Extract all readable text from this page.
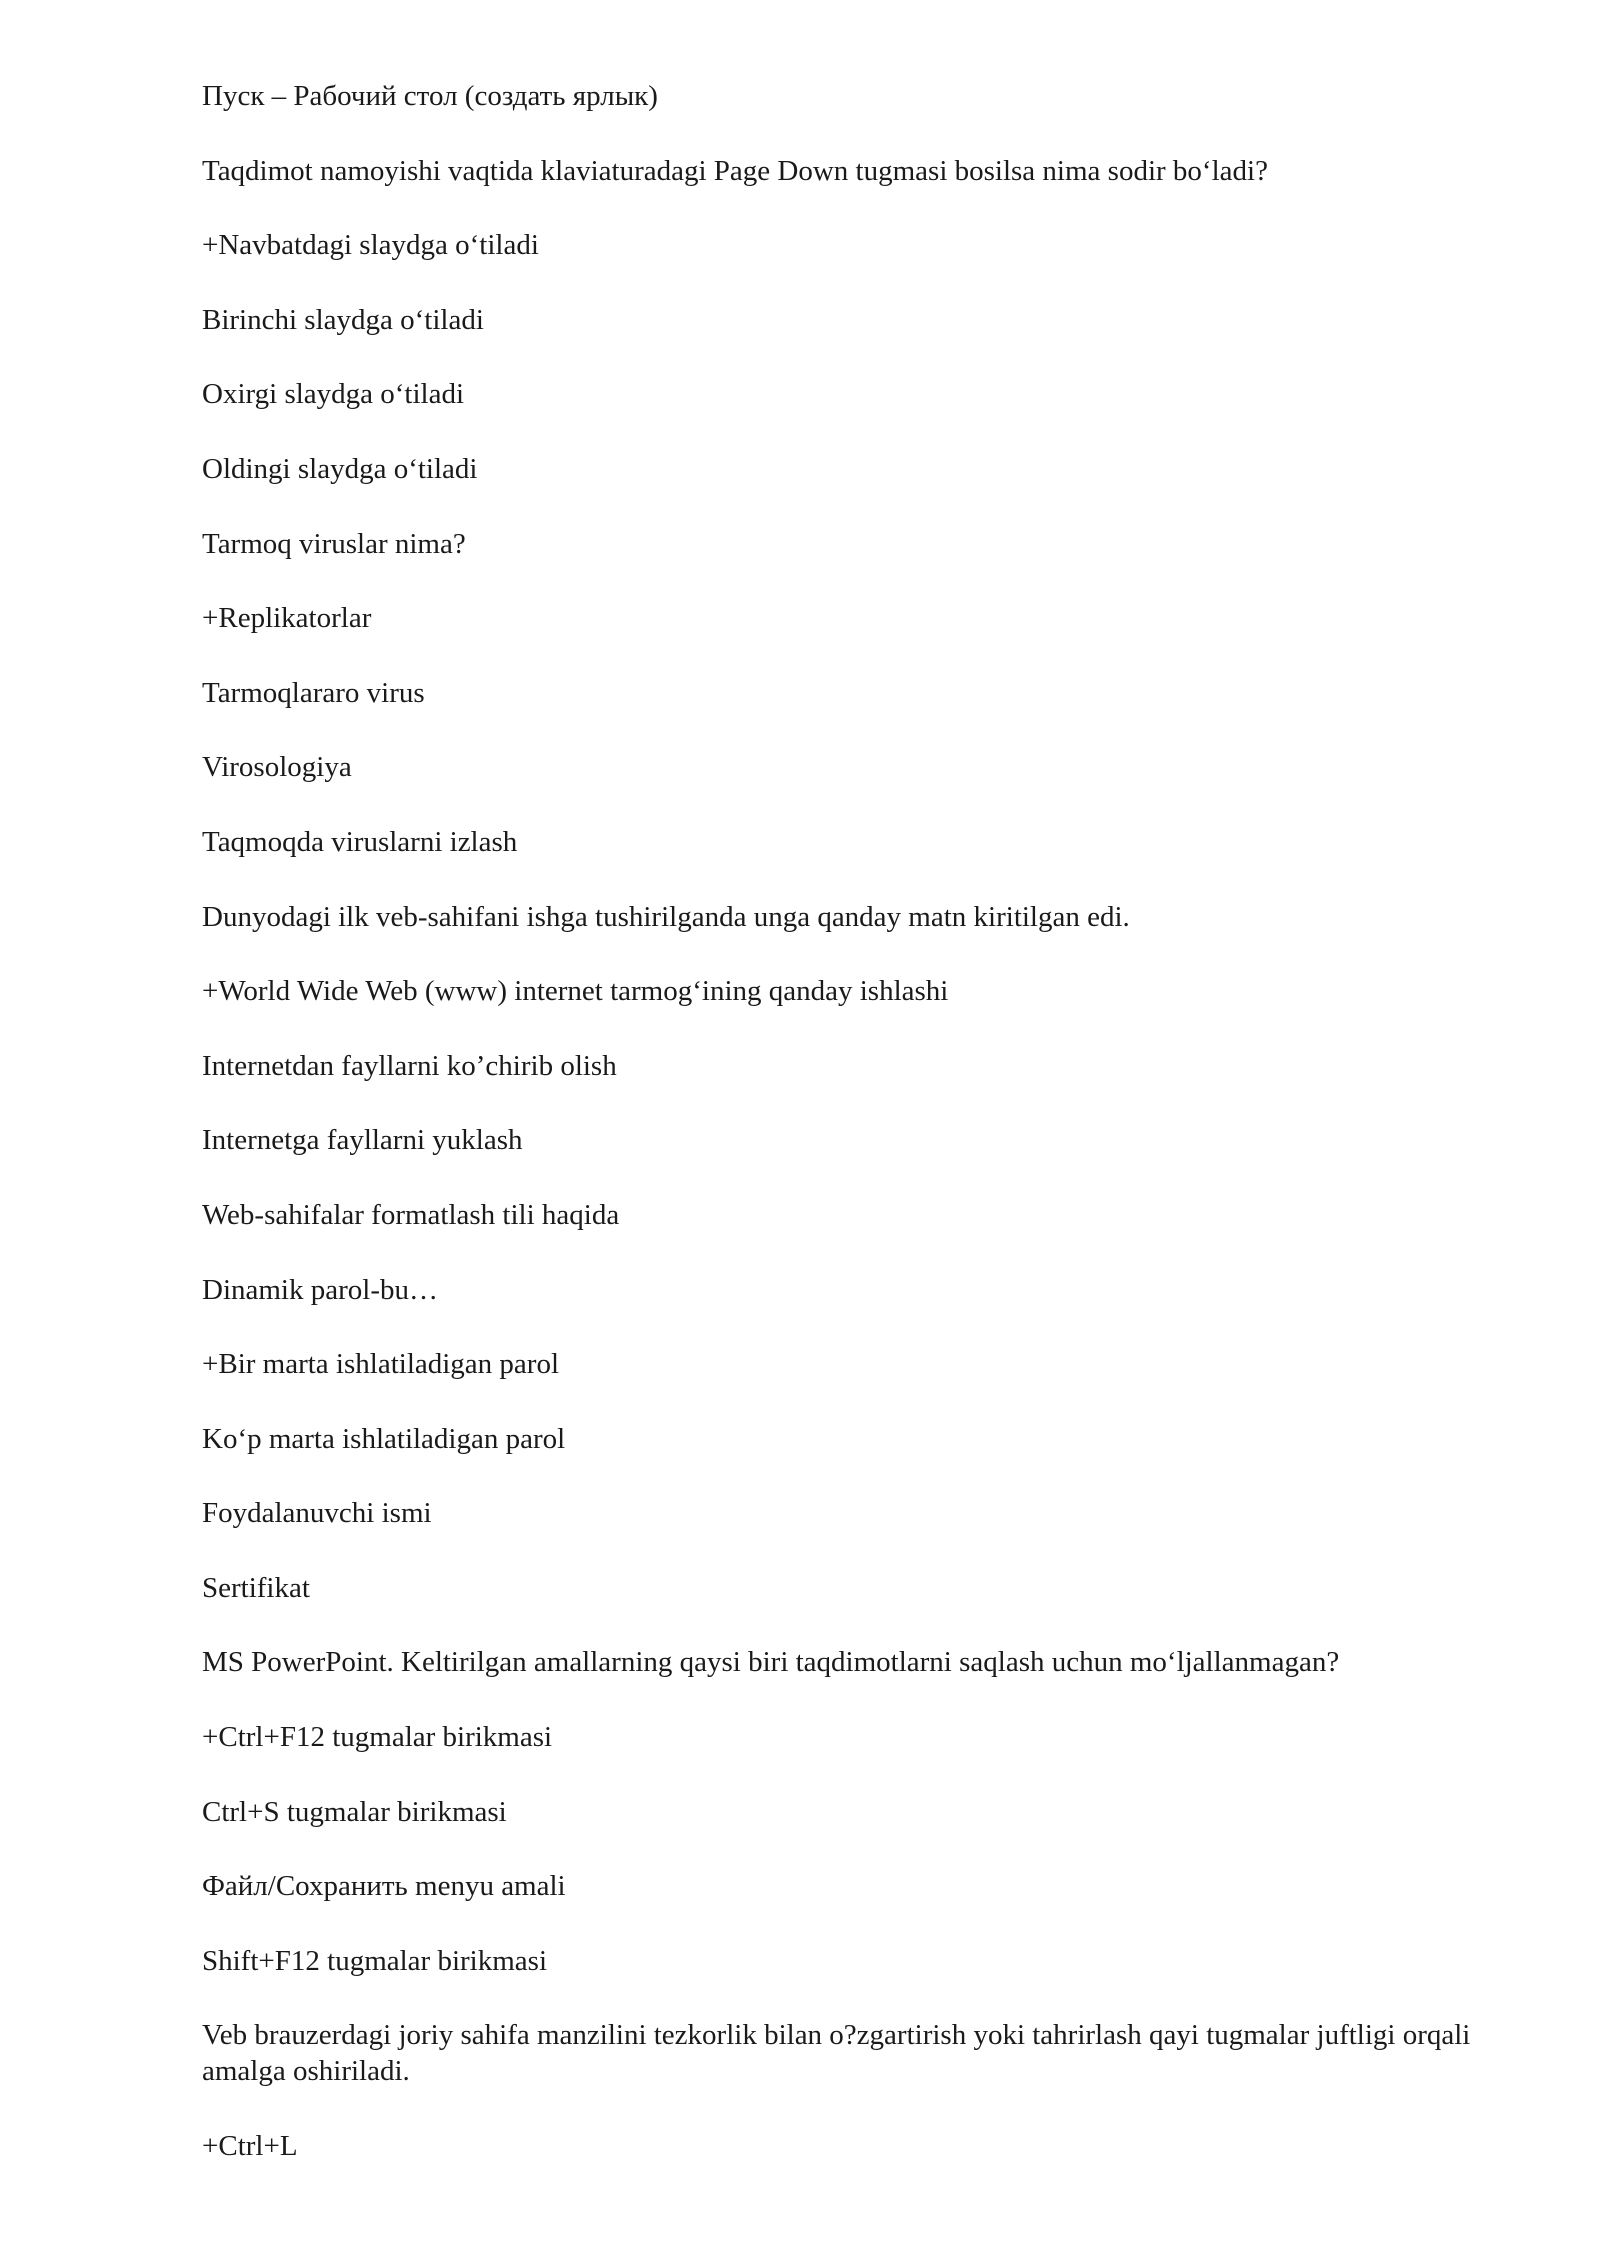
Пуск – Рабочий стол (создать ярлык)

Taqdimot namoyishi vaqtida klaviaturadagi Page Down tugmasi bosilsa nima sodir boʻladi?

+Navbatdagi slaydga oʻtiladi

Birinchi slaydga oʻtiladi

Oxirgi slaydga oʻtiladi

Oldingi slaydga oʻtiladi

Tarmoq viruslar nima?

+Replikatorlar

Tarmoqlararo virus

Virosologiya

Taqmoqda viruslarni izlash

Dunyodagi ilk veb-sahifani ishga tushirilganda unga qanday matn kiritilgan edi.

+World Wide Web (www) internet tarmogʻining qanday ishlashi

Internetdan fayllarni ko’chirib olish

Internetga fayllarni yuklash

Web-sahifalar formatlash tili haqida

Dinamik parol-bu…

+Bir marta ishlatiladigan parol

Koʻp marta ishlatiladigan parol

Foydalanuvchi ismi

Sertifikat

MS PowerPoint. Keltirilgan amallarning qaysi biri taqdimotlarni saqlash uchun moʻljallanmagan?

+Ctrl+F12 tugmalar birikmasi

Ctrl+S tugmalar birikmasi

Файл/Сохранить menyu amali

Shift+F12 tugmalar birikmasi

Veb brauzerdagi joriy sahifa manzilini tezkorlik bilan o?zgartirish yoki tahrirlash qayi tugmalar juftligi orqali amalga oshiriladi.

+Ctrl+L
